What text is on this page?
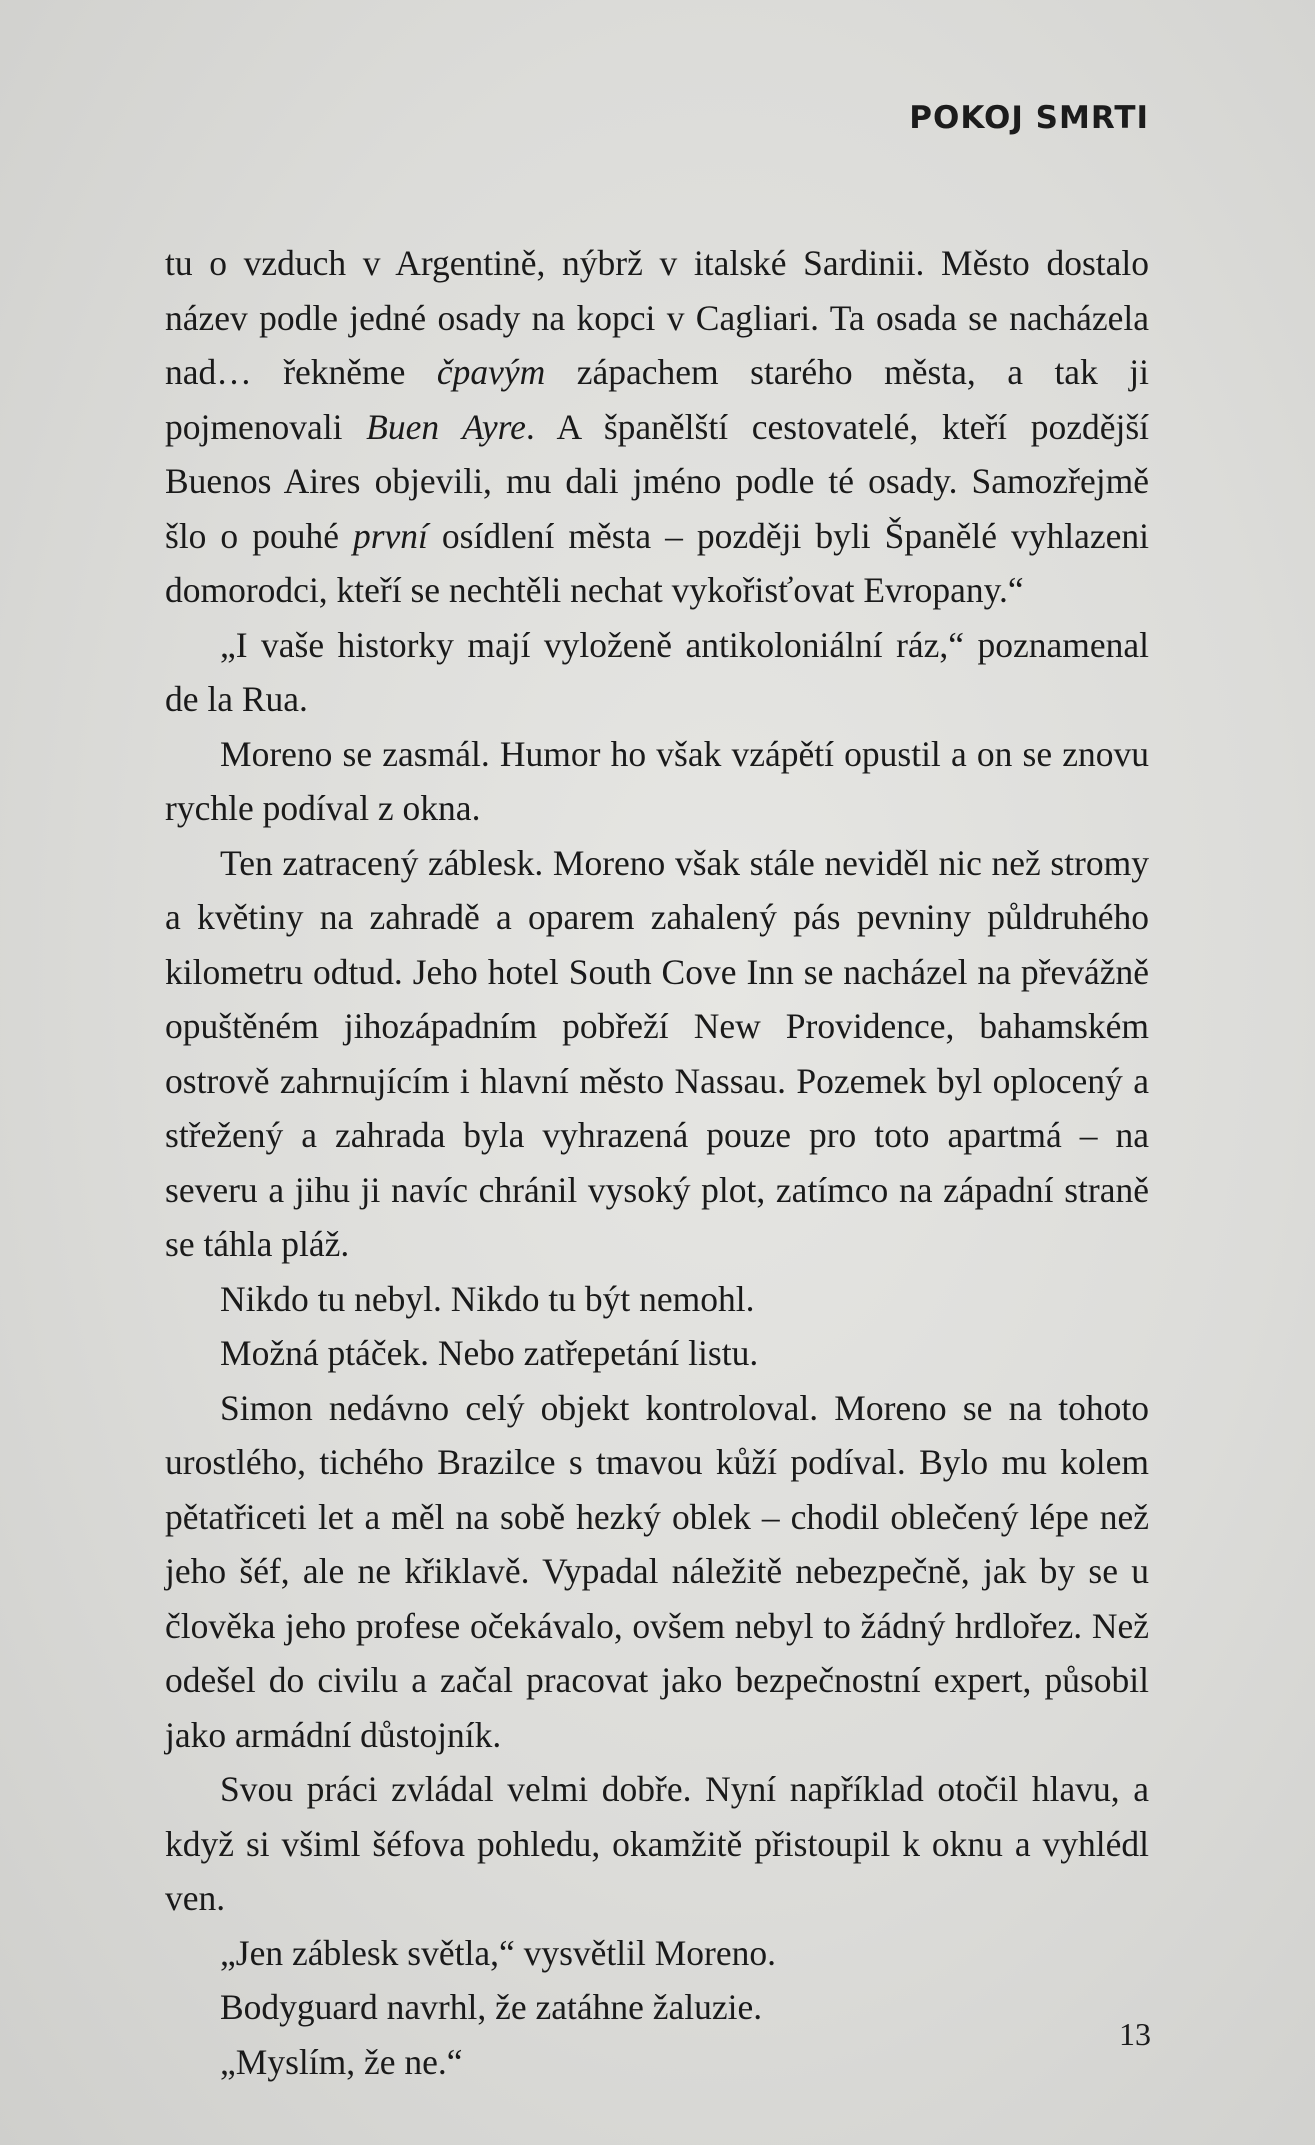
POKOJ SMRTI

tu o vzduch v Argentině, nýbrž v italské Sardinii. Město dostalo název podle jedné osady na kopci v Cagliari. Ta osada se nacházela nad… řekněme čpavým zápachem starého města, a tak ji pojmenovali Buen Ayre. A španělští cestovatelé, kteří pozdější Buenos Aires objevili, mu dali jméno podle té osady. Samozřejmě šlo o pouhé první osídlení města – později byli Španělé vyhlazeni domorodci, kteří se nechtěli nechat vykořisťovat Evropany.“

„I vaše historky mají vyloženě antikoloniální ráz,“ poznamenal de la Rua.

Moreno se zasmál. Humor ho však vzápětí opustil a on se znovu rychle podíval z okna.

Ten zatracený záblesk. Moreno však stále neviděl nic než stromy a květiny na zahradě a oparem zahalený pás pevniny půldruhého kilometru odtud. Jeho hotel South Cove Inn se nacházel na převážně opuštěném jihozápadním pobřeží New Providence, bahamském ostrově zahrnujícím i hlavní město Nassau. Pozemek byl oplocený a střežený a zahrada byla vyhrazená pouze pro toto apartmá – na severu a jihu ji navíc chránil vysoký plot, zatímco na západní straně se táhla pláž.

Nikdo tu nebyl. Nikdo tu být nemohl.

Možná ptáček. Nebo zatřepetání listu.

Simon nedávno celý objekt kontroloval. Moreno se na tohoto urostlého, tichého Brazilce s tmavou kůží podíval. Bylo mu kolem pětatřiceti let a měl na sobě hezký oblek – chodil oblečený lépe než jeho šéf, ale ne křiklavě. Vypadal náležitě nebezpečně, jak by se u člověka jeho profese očekávalo, ovšem nebyl to žádný hrdlořez. Než odešel do civilu a začal pracovat jako bezpečnostní expert, působil jako armádní důstojník.

Svou práci zvládal velmi dobře. Nyní například otočil hlavu, a když si všiml šéfova pohledu, okamžitě přistoupil k oknu a vyhlédl ven.

„Jen záblesk světla,“ vysvětlil Moreno.

Bodyguard navrhl, že zatáhne žaluzie.

„Myslím, že ne.“

13
